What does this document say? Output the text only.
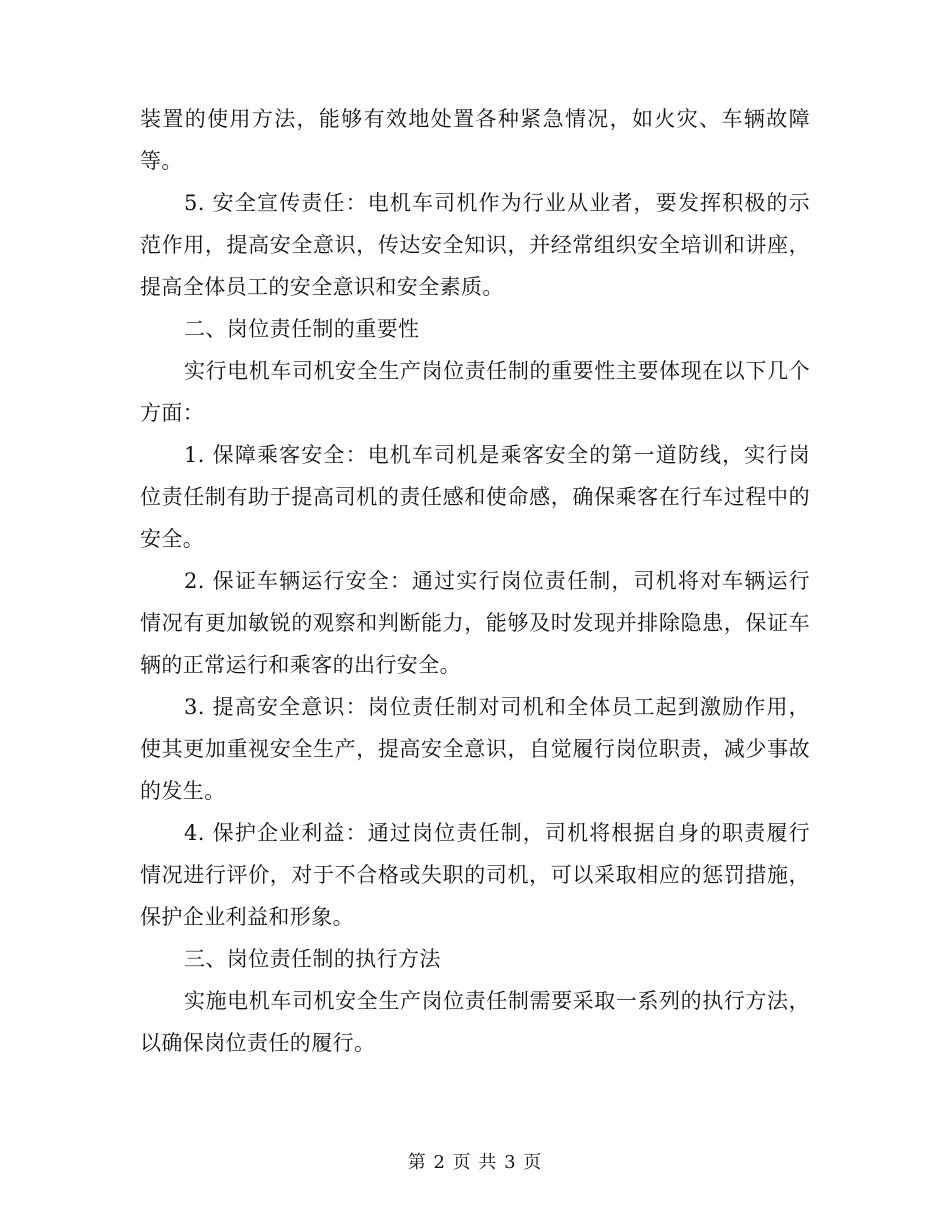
装置的使用方法，能够有效地处置各种紧急情况，如火灾、车辆故障等。

5. 安全宣传责任：电机车司机作为行业从业者，要发挥积极的示范作用，提高安全意识，传达安全知识，并经常组织安全培训和讲座，提高全体员工的安全意识和安全素质。

二、岗位责任制的重要性

实行电机车司机安全生产岗位责任制的重要性主要体现在以下几个方面：

1. 保障乘客安全：电机车司机是乘客安全的第一道防线，实行岗位责任制有助于提高司机的责任感和使命感，确保乘客在行车过程中的安全。

2. 保证车辆运行安全：通过实行岗位责任制，司机将对车辆运行情况有更加敏锐的观察和判断能力，能够及时发现并排除隐患，保证车辆的正常运行和乘客的出行安全。

3. 提高安全意识：岗位责任制对司机和全体员工起到激励作用，使其更加重视安全生产，提高安全意识，自觉履行岗位职责，减少事故的发生。

4. 保护企业利益：通过岗位责任制，司机将根据自身的职责履行情况进行评价，对于不合格或失职的司机，可以采取相应的惩罚措施，保护企业利益和形象。

三、岗位责任制的执行方法

实施电机车司机安全生产岗位责任制需要采取一系列的执行方法，以确保岗位责任的履行。

第 2 页 共 3 页
